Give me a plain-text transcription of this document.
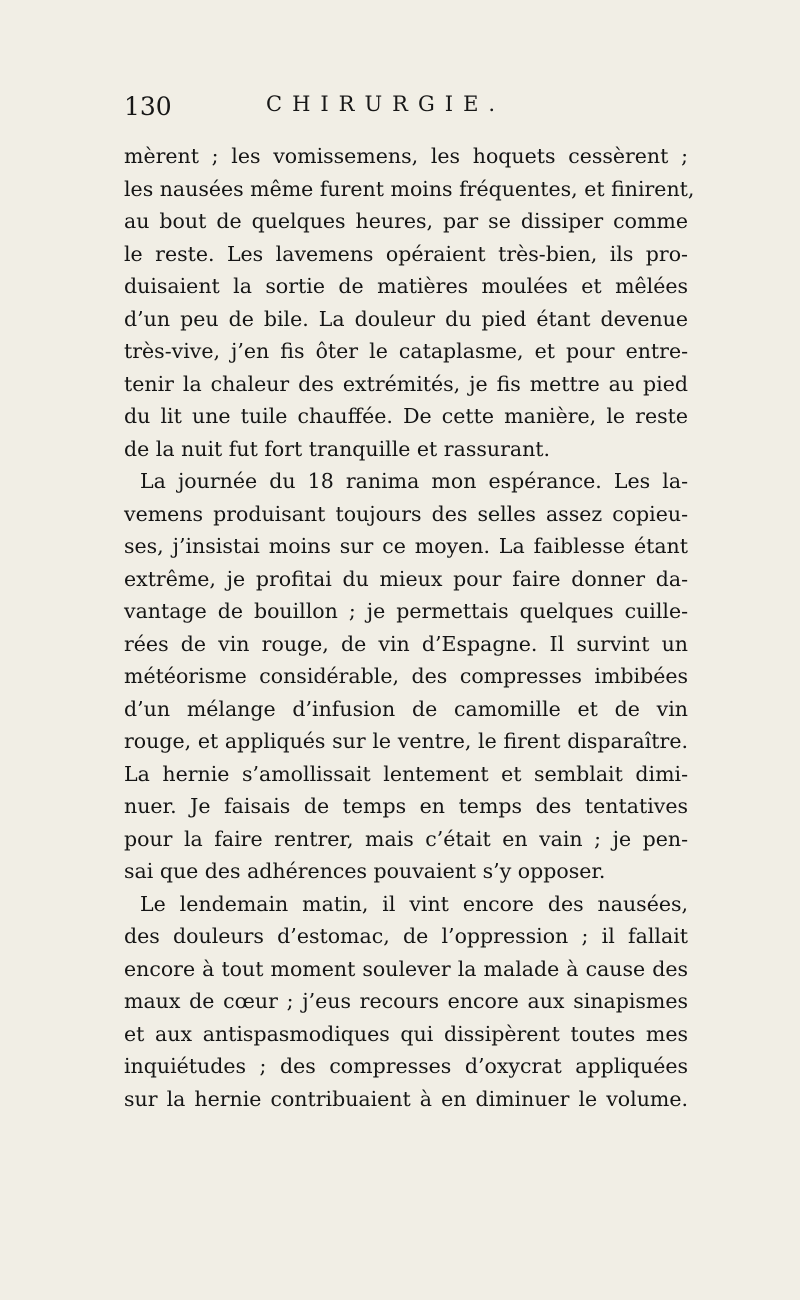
130	CHIRURGIE.
mèrent ; les vomissemens, les hoquets cessèrent ;
les nausées même furent moins fréquentes, et finirent,
au bout de quelques heures, par se dissiper comme
le reste. Les lavemens opéraient très-bien, ils pro-
duisaient la sortie de matières moulées et mêlées
d’un peu de bile. La douleur du pied étant devenue
très-vive, j’en fis ôter le cataplasme, et pour entre-
tenir la chaleur des extrémités, je fis mettre au pied
du lit une tuile chauffée. De cette manière, le reste
de la nuit fut fort tranquille et rassurant.
La journée du 18 ranima mon espérance. Les la-
vemens produisant toujours des selles assez copieu-
ses, j’insistai moins sur ce moyen. La faiblesse étant
extrême, je profitai du mieux pour faire donner da-
vantage de bouillon ; je permettais quelques cuille-
rées de vin rouge, de vin d’Espagne. Il survint un
météorisme considérable, des compresses imbibées
d’un mélange d’infusion de camomille et de vin
rouge, et appliqués sur le ventre, le firent disparaître.
La hernie s’amollissait lentement et semblait dimi-
nuer. Je faisais de temps en temps des tentatives
pour la faire rentrer, mais c’était en vain ; je pen-
sai que des adhérences pouvaient s’y opposer.
Le lendemain matin, il vint encore des nausées,
des douleurs d’estomac, de l’oppression ; il fallait
encore à tout moment soulever la malade à cause des
maux de cœur ; j’eus recours encore aux sinapismes
et aux antispasmodiques qui dissipèrent toutes mes
inquiétudes ; des compresses d’oxycrat appliquées
sur la hernie contribuaient à en diminuer le volume.
